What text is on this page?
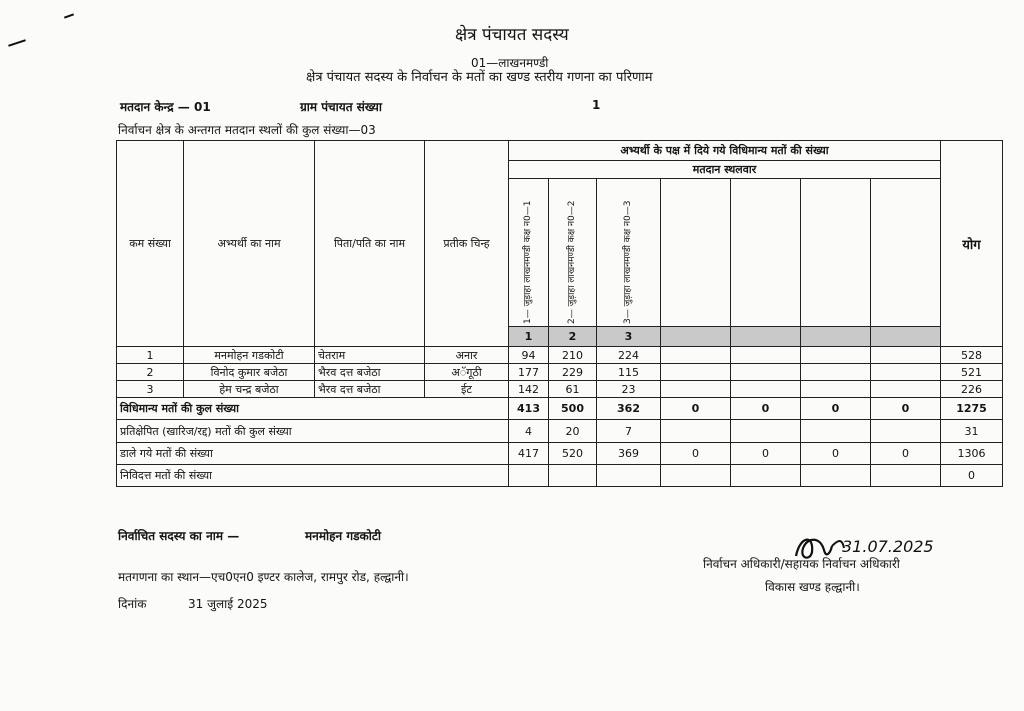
क्षेत्र पंचायत सदस्य
01—लाखनमण्डी
क्षेत्र पंचायत सदस्य के निर्वाचन के मतों का खण्ड स्तरीय गणना का परिणाम
मतदान केन्द्र — 01	ग्राम पंचायत संख्या	1
निर्वाचन क्षेत्र के अन्तगत मतदान स्थलों की कुल संख्या—03
कम संख्या	अभ्यर्थी का नाम	पिता/पति का नाम	प्रतीक चिन्ह	अभ्यर्थी के पक्ष में दिये गये विधिमान्य मतों की संख्या							योग
				मतदान स्थलवार							

				1— जुड़ाहा लाखनमण्डी कक्ष न0—1	2— जुड़ाहा लाखनमण्डी कक्ष न0—2	3— जुड़ाहा लाखनमण्डी कक्ष न0—3					

				1	2	3					
1	मनमोहन गडकोटी	चेतराम	अनार	94	210	224					528
2	विनोद कुमार बजेठा	भैरव दत्त बजेठा	अॅगूठी	177	229	115					521
3	हेम चन्द्र बजेठा	भैरव दत्त बजेठा	ईट	142	61	23					226
विधिमान्य मतों की कुल संख्या				413	500	362	0	0	0	0	1275
प्रतिक्षेपित (खारिज/रद्द) मतों की कुल संख्या				4	20	7					31
डाले गये मतों की संख्या				417	520	369	0	0	0	0	1306
निविदत्त मतों की संख्या											0
निर्वाचित सदस्य का नाम —	मनमोहन गडकोटी
मतगणना का स्थान—एच0एन0 इण्टर कालेज, रामपुर रोड, हल्द्वानी।
दिनांक	31 जुलाई 2025
निर्वाचन अधिकारी/सहायक निर्वाचन अधिकारी
विकास खण्ड हल्द्वानी।
31.07.2025
